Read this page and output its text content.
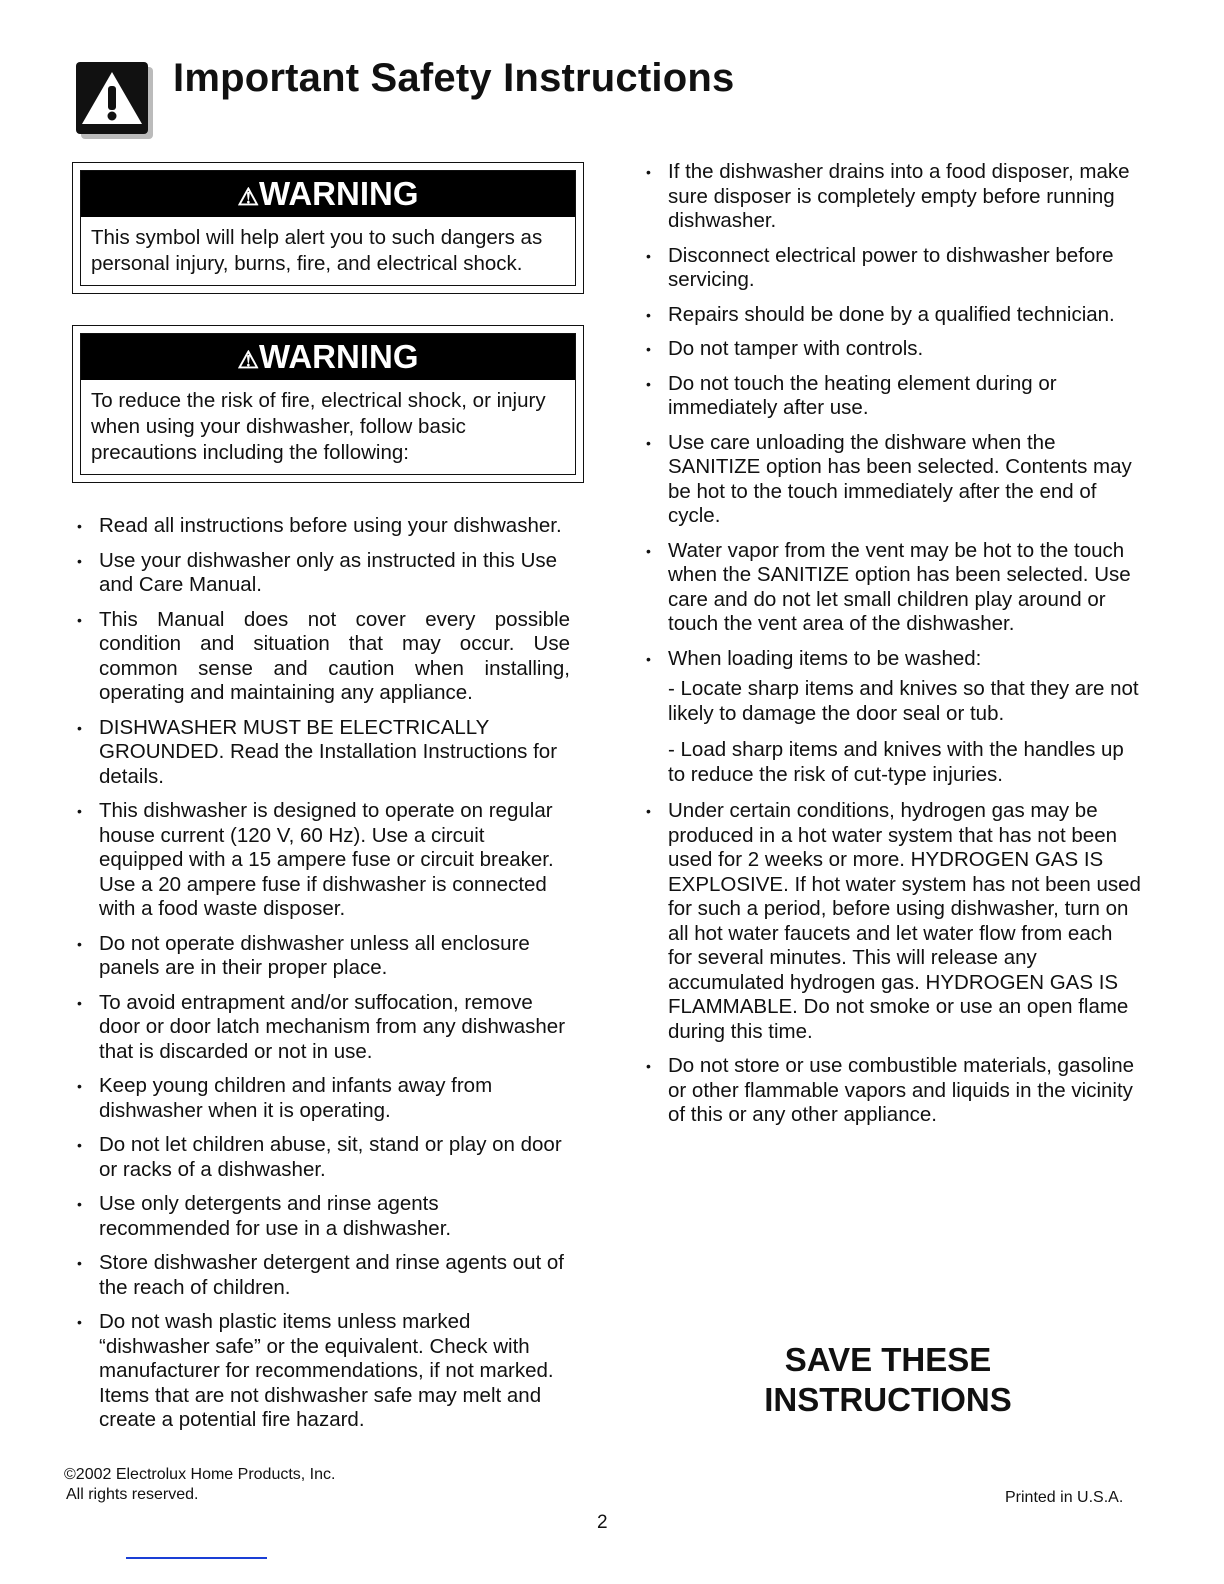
Important Safety Instructions
⚠WARNING
This symbol will help alert you to such dangers as personal injury, burns, fire, and electrical shock.
⚠WARNING
To reduce the risk of fire, electrical shock, or injury when using your dishwasher, follow basic precautions including the following:
• Read all instructions before using your dishwasher.
• Use your dishwasher only as instructed in this Use and Care Manual.
• This Manual does not cover every possible condition and situation that may occur. Use common sense and caution when installing, operating and maintaining any appliance.
• DISHWASHER MUST BE ELECTRICALLY GROUNDED. Read the Installation Instructions for details.
• This dishwasher is designed to operate on regular house current (120 V, 60 Hz). Use a circuit equipped with a 15 ampere fuse or circuit breaker. Use a 20 ampere fuse if dishwasher is connected with a food waste disposer.
• Do not operate dishwasher unless all enclosure panels are in their proper place.
• To avoid entrapment and/or suffocation, remove door or door latch mechanism from any dishwasher that is discarded or not in use.
• Keep young children and infants away from dishwasher when it is operating.
• Do not let children abuse, sit, stand or play on door or racks of a dishwasher.
• Use only detergents and rinse agents recommended for use in a dishwasher.
• Store dishwasher detergent and rinse agents out of the reach of children.
• Do not wash plastic items unless marked “dishwasher safe” or the equivalent. Check with manufacturer for recommendations, if not marked. Items that are not dishwasher safe may melt and create a potential fire hazard.
• If the dishwasher drains into a food disposer, make sure disposer is completely empty before running dishwasher.
• Disconnect electrical power to dishwasher before servicing.
• Repairs should be done by a qualified technician.
• Do not tamper with controls.
• Do not touch the heating element during or immediately after use.
• Use care unloading the dishware when the SANITIZE option has been selected. Contents may be hot to the touch immediately after the end of cycle.
• Water vapor from the vent may be hot to the touch when the SANITIZE option has been selected. Use care and do not let small children play around or touch the vent area of the dishwasher.
• When loading items to be washed:
- Locate sharp items and knives so that they are not likely to damage the door seal or tub.
- Load sharp items and knives with the handles up to reduce the risk of cut-type injuries.
• Under certain conditions, hydrogen gas may be produced in a hot water system that has not been used for 2 weeks or more. HYDROGEN GAS IS EXPLOSIVE. If hot water system has not been used for such a period, before using dishwasher, turn on all hot water faucets and let water flow from each for several minutes. This will release any accumulated hydrogen gas. HYDROGEN GAS IS FLAMMABLE. Do not smoke or use an open flame during this time.
• Do not store or use combustible materials, gasoline or other flammable vapors and liquids in the vicinity of this or any other appliance.
SAVE THESE
INSTRUCTIONS
©2002 Electrolux Home Products, Inc.
All rights reserved.	Printed in U.S.A.
2
